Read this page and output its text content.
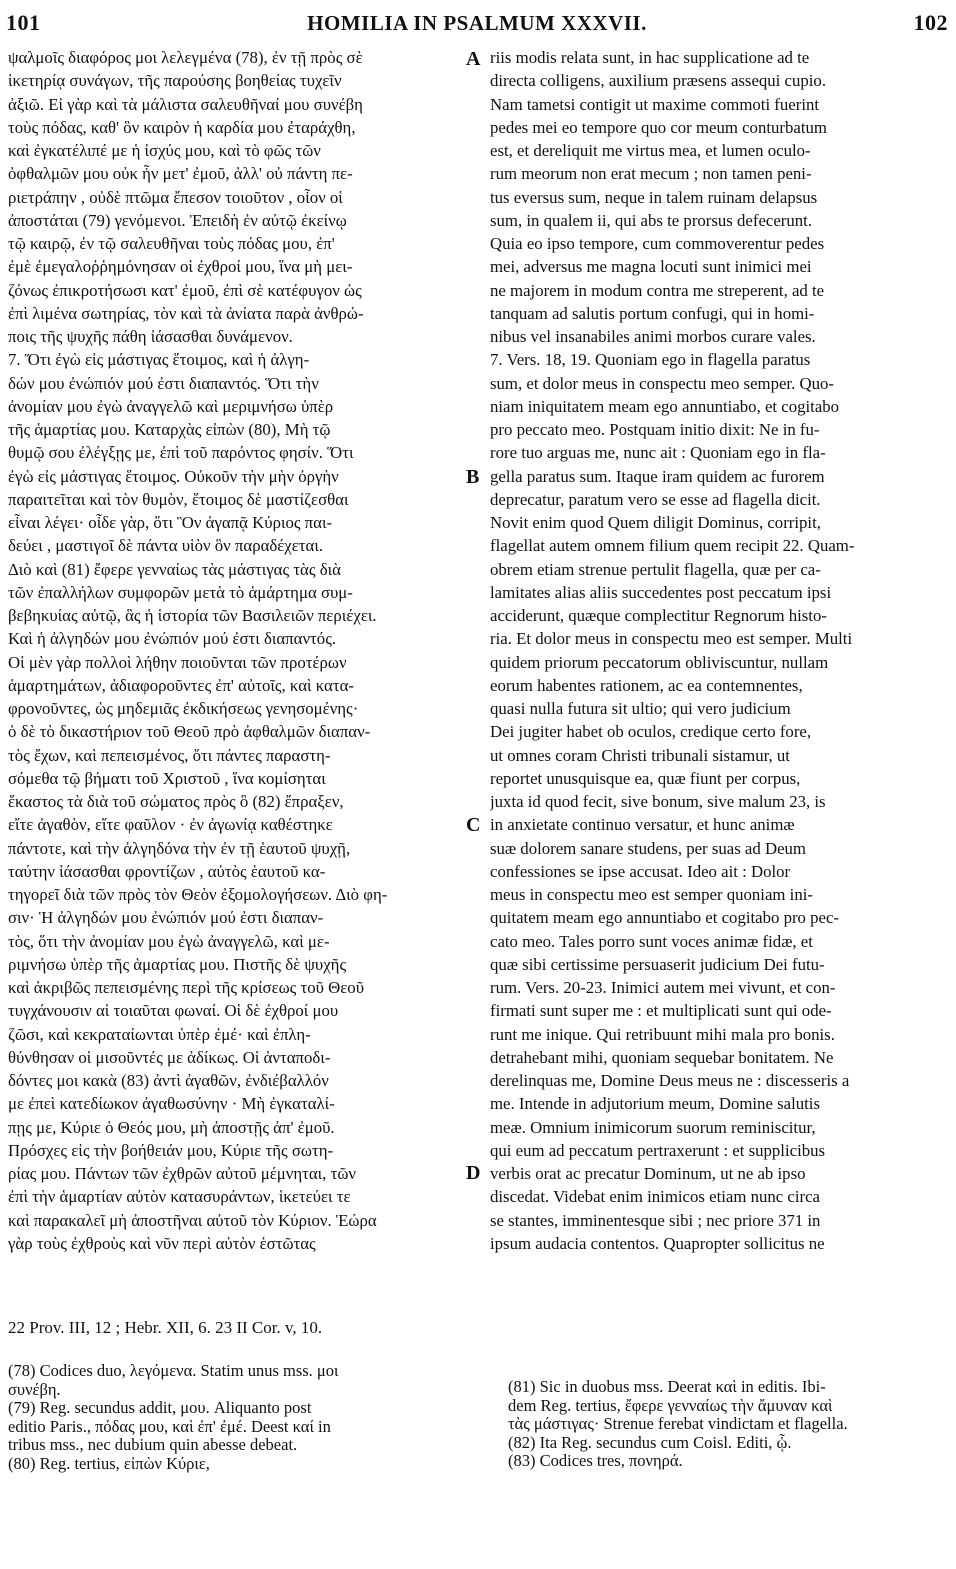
101	HOMILIA IN PSALMUM XXXVII.	102
ψαλμοῖς διαφόρος μοι λελεγμένα (78), ἐν τῇ πρὸς σὲ
ἱκετηρίᾳ συνάγων, τῆς παρούσης βοηθείας τυχεῖν
ἀξιῶ. Εἰ γὰρ καὶ τὰ μάλιστα σαλευθῆναί μου συνέβη
τοὺς πόδας, καθ' ὃν καιρὸν ἡ καρδία μου ἐταράχθη,
καὶ ἐγκατέλιπέ με ἡ ἰσχύς μου, καὶ τὸ φῶς τῶν
ὀφθαλμῶν μου οὐκ ἦν μετ' ἐμοῦ, ἀλλ' οὐ πάντη πε-
ριετράπην , οὐδὲ πτῶμα ἔπεσον τοιοῦτον , οἷον οἱ
ἀποστάται (79) γενόμενοι. Ἐπειδὴ ἐν αὐτῷ ἐκείνῳ
τῷ καιρῷ, ἐν τῷ σαλευθῆναι τοὺς πόδας μου, ἐπ'
ἐμὲ ἐμεγαλοῤῥημόνησαν οἱ ἐχθροί μου, ἵνα μὴ μει-
ζόνως ἐπικροτήσωσι κατ' ἐμοῦ, ἐπὶ σὲ κατέφυγον ὡς
ἐπὶ λιμένα σωτηρίας, τὸν καὶ τὰ ἀνίατα παρὰ ἀνθρώ-
ποις τῆς ψυχῆς πάθη ἰάσασθαι δυνάμενον.
7. Ὅτι ἐγὼ εἰς μάστιγας ἕτοιμος, καὶ ἡ ἀλγη-
δών μου ἐνώπιόν μού ἐστι διαπαντός. Ὅτι τὴν
ἀνομίαν μου ἐγὼ ἀναγγελῶ καὶ μεριμνήσω ὑπὲρ
τῆς ἁμαρτίας μου. Καταρχὰς εἰπὼν (80), Μὴ τῷ
θυμῷ σου ἐλέγξῃς με, ἐπὶ τοῦ παρόντος φησίν. Ὅτι
ἐγὼ εἰς μάστιγας ἕτοιμος. Οὐκοῦν τὴν μὴν ὀργὴν
παραιτεῖται καὶ τὸν θυμὸν, ἕτοιμος δὲ μαστίζεσθαι
εἶναι λέγει· οἶδε γὰρ, ὅτι Ὃν ἀγαπᾷ Κύριος παι-
δεύει , μαστιγοῖ δὲ πάντα υἱὸν ὃν παραδέχεται.
Διὸ καὶ (81) ἔφερε γενναίως τὰς μάστιγας τὰς διὰ
τῶν ἐπαλλήλων συμφορῶν μετὰ τὸ ἁμάρτημα συμ-
βεβηκυίας αὐτῷ, ἃς ἡ ἱστορία τῶν Βασιλειῶν περιέχει.
Καὶ ἡ ἀλγηδών μου ἐνώπιόν μού ἐστι διαπαντός.
Οἱ μὲν γὰρ πολλοὶ λήθην ποιοῦνται τῶν προτέρων
ἁμαρτημάτων, ἀδιαφοροῦντες ἐπ' αὐτοῖς, καὶ κατα-
φρονοῦντες, ὡς μηδεμιᾶς ἐκδικήσεως γενησομένης·
ὁ δὲ τὸ δικαστήριον τοῦ Θεοῦ πρὸ ἀφθαλμῶν διαπαν-
τὸς ἔχων, καὶ πεπεισμένος, ὅτι πάντες παραστη-
σόμεθα τῷ βήματι τοῦ Χριστοῦ , ἵνα κομίσηται
ἕκαστος τὰ διὰ τοῦ σώματος πρὸς ὃ (82) ἔπραξεν,
εἴτε ἀγαθὸν, εἴτε φαῦλον · ἐν ἀγωνίᾳ καθέστηκε
πάντοτε, καὶ τὴν ἀλγηδόνα τὴν ἐν τῇ ἑαυτοῦ ψυχῇ,
ταύτην ἰάσασθαι φροντίζων , αὐτὸς ἑαυτοῦ κα-
τηγορεῖ διὰ τῶν πρὸς τὸν Θεὸν ἐξομολογήσεων. Διὸ φη-
σιν· Ἡ ἀλγηδών μου ἐνώπιόν μού ἐστι διαπαν-
τὸς, ὅτι τὴν ἀνομίαν μου ἐγὼ ἀναγγελῶ, καὶ με-
ριμνήσω ὑπὲρ τῆς ἁμαρτίας μου. Πιστῆς δὲ ψυχῆς
καὶ ἀκριβῶς πεπεισμένης περὶ τῆς κρίσεως τοῦ Θεοῦ
τυγχάνουσιν αἱ τοιαῦται φωναί. Οἱ δὲ ἐχθροί μου
ζῶσι, καὶ κεκραταίωνται ὑπὲρ ἐμέ· καὶ ἐπλη-
θύνθησαν οἱ μισοῦντές με ἀδίκως. Οἱ ἀνταποδι-
δόντες μοι κακὰ (83) ἀντὶ ἀγαθῶν, ἐνδιέβαλλόν
με ἐπεὶ κατεδίωκον ἀγαθωσύνην · Μὴ ἐγκαταλί-
πῃς με, Κύριε ὁ Θεός μου, μὴ ἀποστῇς ἀπ' ἐμοῦ.
Πρόσχες εἰς τὴν βοήθειάν μου, Κύριε τῆς σωτη-
ρίας μου. Πάντων τῶν ἐχθρῶν αὐτοῦ μέμνηται, τῶν
ἐπὶ τὴν ἁμαρτίαν αὐτὸν κατασυράντων, ἱκετεύει τε
καὶ παρακαλεῖ μὴ ἀποστῆναι αὐτοῦ τὸν Κύριον. Ἑώρα
γὰρ τοὺς ἐχθροὺς καὶ νῦν περὶ αὐτὸν ἑστῶτας
A
B
C
D
riis modis relata sunt, in hac supplicatione ad te
directa colligens, auxilium præsens assequi cupio.
Nam tametsi contigit ut maxime commoti fuerint
pedes mei eo tempore quo cor meum conturbatum
est, et dereliquit me virtus mea, et lumen oculo-
rum meorum non erat mecum ; non tamen peni-
tus eversus sum, neque in talem ruinam delapsus
sum, in qualem ii, qui abs te prorsus defecerunt.
Quia eo ipso tempore, cum commoverentur pedes
mei, adversus me magna locuti sunt inimici mei
ne majorem in modum contra me streperent, ad te
tanquam ad salutis portum confugi, qui in homi-
nibus vel insanabiles animi morbos curare vales.
7. Vers. 18, 19. Quoniam ego in flagella paratus
sum, et dolor meus in conspectu meo semper. Quo-
niam iniquitatem meam ego annuntiabo, et cogitabo
pro peccato meo. Postquam initio dixit: Ne in fu-
rore tuo arguas me, nunc ait : Quoniam ego in fla-
gella paratus sum. Itaque iram quidem ac furorem
deprecatur, paratum vero se esse ad flagella dicit.
Novit enim quod Quem diligit Dominus, corripit,
flagellat autem omnem filium quem recipit 22. Quam-
obrem etiam strenue pertulit flagella, quæ per ca-
lamitates alias aliis succedentes post peccatum ipsi
acciderunt, quæque complectitur Regnorum histo-
ria. Et dolor meus in conspectu meo est semper. Multi
quidem priorum peccatorum obliviscuntur, nullam
eorum habentes rationem, ac ea contemnentes,
quasi nulla futura sit ultio; qui vero judicium
Dei jugiter habet ob oculos, credique certo fore,
ut omnes coram Christi tribunali sistamur, ut
reportet unusquisque ea, quæ fiunt per corpus,
juxta id quod fecit, sive bonum, sive malum 23, is
in anxietate continuo versatur, et hunc animæ
suæ dolorem sanare studens, per suas ad Deum
confessiones se ipse accusat. Ideo ait : Dolor
meus in conspectu meo est semper quoniam ini-
quitatem meam ego annuntiabo et cogitabo pro pec-
cato meo. Tales porro sunt voces animæ fidæ, et
quæ sibi certissime persuaserit judicium Dei futu-
rum. Vers. 20-23. Inimici autem mei vivunt, et con-
firmati sunt super me : et multiplicati sunt qui ode-
runt me inique. Qui retribuunt mihi mala pro bonis.
detrahebant mihi, quoniam sequebar bonitatem. Ne
derelinquas me, Domine Deus meus ne : discesseris a
me. Intende in adjutorium meum, Domine salutis
meæ. Omnium inimicorum suorum reminiscitur,
qui eum ad peccatum pertraxerunt : et supplicibus
verbis orat ac precatur Dominum, ut ne ab ipso
discedat. Videbat enim inimicos etiam nunc circa
se stantes, imminentesque sibi ; nec priore 371 in
ipsum audacia contentos. Quapropter sollicitus ne
22 Prov. III, 12 ; Hebr. XII, 6. 23 II Cor. v, 10.
(78) Codices duo, λεγόμενα. Statim unus mss. μοι
συνέβη.
(79) Reg. secundus addit, μου. Aliquanto post
editio Paris., πόδας μου, καὶ ἐπ' ἐμέ. Deest καί in
tribus mss., nec dubium quin abesse debeat.
(80) Reg. tertius, εἰπὼν Κύριε,
(81) Sic in duobus mss. Deerat καὶ in editis. Ibi-
dem Reg. tertius, ἔφερε γενναίως τὴν ἄμυναν καὶ
τὰς μάστιγας· Strenue ferebat vindictam et flagella.
(82) Ita Reg. secundus cum Coisl. Editi, ᾧ.
(83) Codices tres, πονηρά.
